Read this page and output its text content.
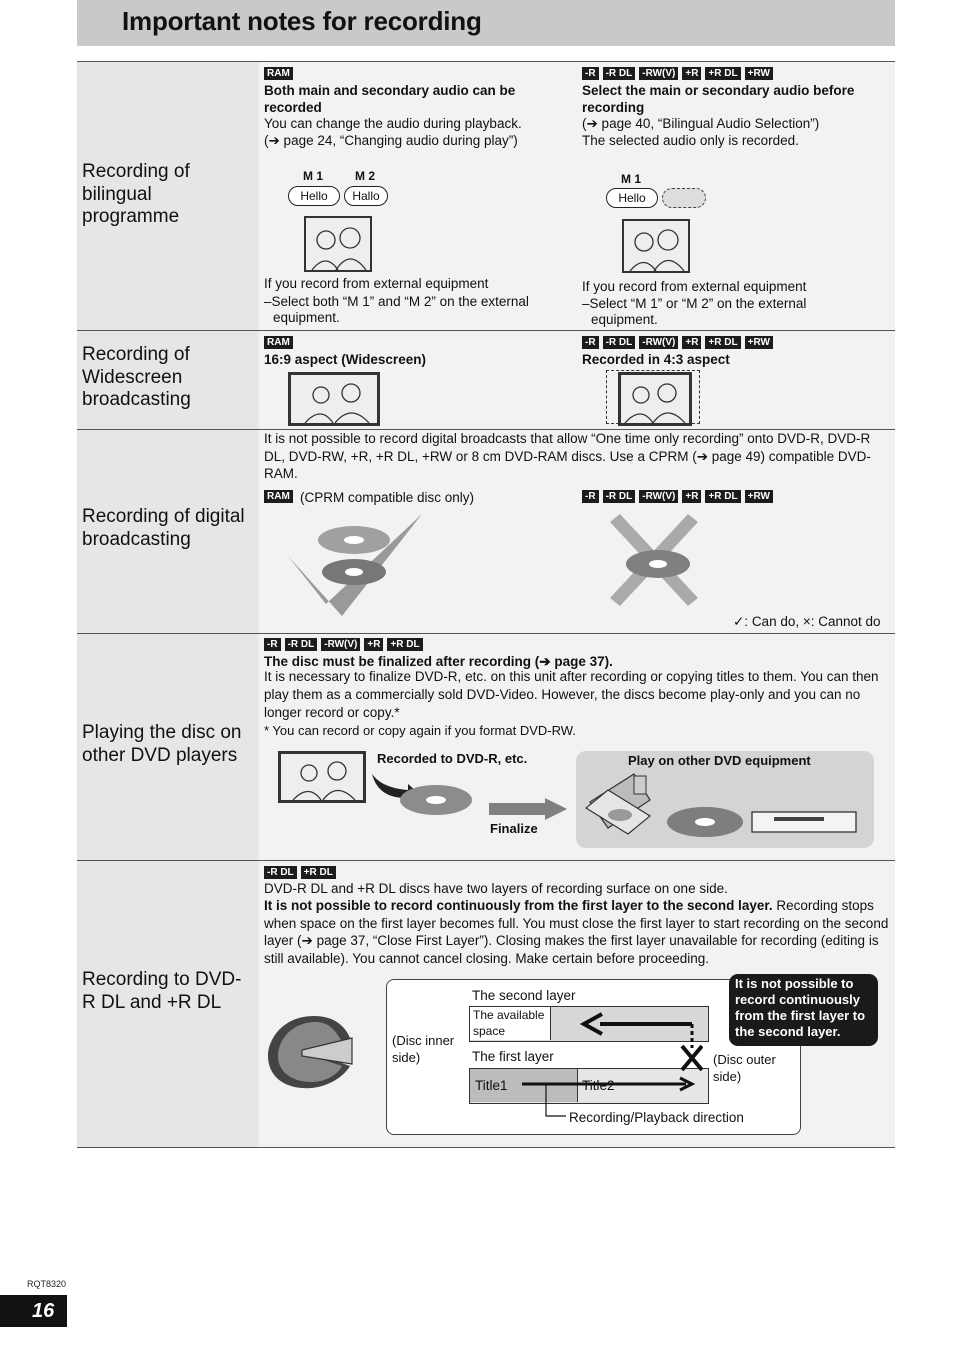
Important notes for recording
Recording of bilingual programme
RAM
Both main and secondary audio can be recorded
You can change the audio during playback.
(➔ page 24, “Changing audio during play”)
M 1	M 2
Hello	Hallo
If you record from external equipment
–Select both “M 1” and “M 2” on the external
equipment.
-R	-R DL	-RW(V)	+R	+R DL	+RW
Select the main or secondary audio before recording
(➔ page 40, “Bilingual Audio Selection”)
The selected audio only is recorded.
M 1
Hello
If you record from external equipment
–Select “M 1” or “M 2” on the external
equipment.
Recording of Widescreen broadcasting
RAM
16:9 aspect (Widescreen)
-R	-R DL	-RW(V)	+R	+R DL	+RW
Recorded in 4:3 aspect
Recording of digital broadcasting
It is not possible to record digital broadcasts that allow “One time only recording” onto DVD-R, DVD-R DL, DVD-RW, +R, +R DL, +RW or 8 cm DVD-RAM discs. Use a CPRM (➔ page 49) compatible DVD-RAM.
RAM (CPRM compatible disc only)	-R	-R DL	-RW(V)	+R	+R DL	+RW
✓: Can do, ×: Cannot do
Playing the disc on other DVD players
-R	-R DL	-RW(V)	+R	+R DL
The disc must be finalized after recording (➔ page 37).
It is necessary to finalize DVD-R, etc. on this unit after recording or copying titles to them. You can then play them as a commercially sold DVD-Video. However, the discs become play-only and you can no longer record or copy.*
* You can record or copy again if you format DVD-RW.
Recorded to DVD-R, etc.
Finalize
Play on other DVD equipment
Recording to DVD-R DL and +R DL
-R DL	+R DL
DVD-R DL and +R DL discs have two layers of recording surface on one side.
It is not possible to record continuously from the first layer to the second layer. Recording stops when space on the first layer becomes full. You must close the first layer to start recording on the second layer (➔ page 37, “Close First Layer”). Closing makes the first layer unavailable for recording (editing is still available). You cannot cancel closing. Make certain before proceeding.
(Disc inner side)
The second layer
The available space
The first layer
Title1	Title2
(Disc outer side)
Recording/Playback direction
It is not possible to record continuously from the first layer to the second layer.
RQT8320
16
